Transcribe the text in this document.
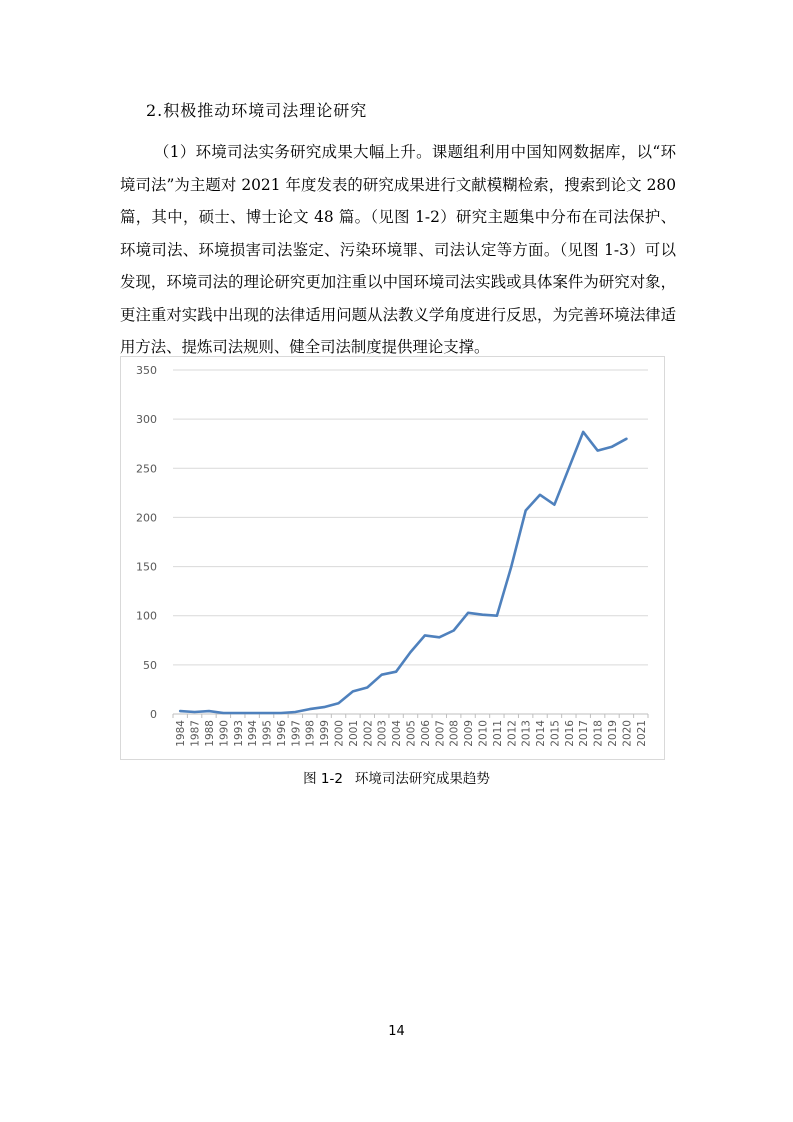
2.积极推动环境司法理论研究
（1）环境司法实务研究成果大幅上升。课题组利用中国知网数据库，以“环境司法”为主题对 2021 年度发表的研究成果进行文献模糊检索，搜索到论文 280 篇，其中，硕士、博士论文 48 篇。（见图 1-2）研究主题集中分布在司法保护、环境司法、环境损害司法鉴定、污染环境罪、司法认定等方面。（见图 1-3）可以发现，环境司法的理论研究更加注重以中国环境司法实践或具体案件为研究对象，更注重对实践中出现的法律适用问题从法教义学角度进行反思，为完善环境法律适用方法、提炼司法规则、健全司法制度提供理论支撑。
0
50
100
150
200
250
300
350
1984 1987 1988 1990 1993 1994 1995 1996 1997 1998 1999 2000 2001 2002 2003 2004 2005 2006 2007 2008 2009 2010 2011 2012 2013 2014 2015 2016 2017 2018 2019 2020 2021
图 1-2 环境司法研究成果趋势
14
